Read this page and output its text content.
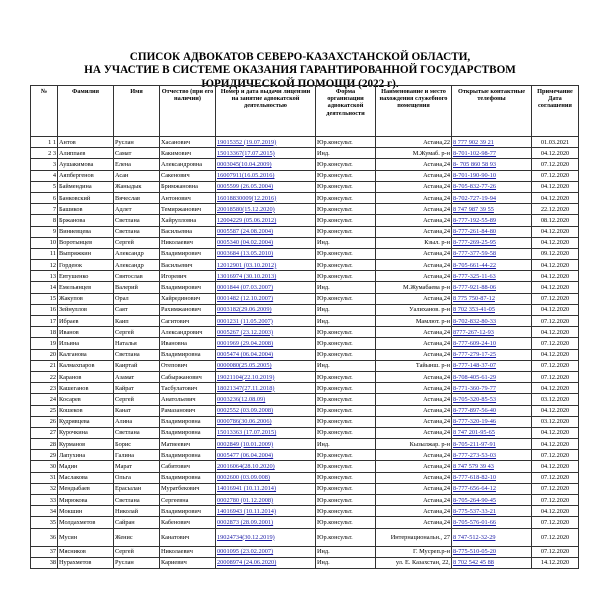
СПИСОК АДВОКАТОВ СЕВЕРО-КАЗАХСТАНСКОЙ ОБЛАСТИ,
НА УЧАСТИЕ В СИСТЕМЕ ОКАЗАНИЯ ГАРАНТИРОВАННОЙ ГОСУДАРСТВОМ
ЮРИДИЧЕСКОЙ ПОМОЩИ (2022 г).
№	Фамилия	Имя	Отчество (при его наличии)	Номер и дата выдачи лицензии на занятие адвокатской деятельностью	Форма организации адвокатской деятельности	Наименование и место нахождения служебного помещения	Открытые контактные телефоны	Примечание Дата соглашения
1 1	Антов	Руслан	Хасанович	19015352 (19.07.2019)	Юр.консульт.	Астана,22	8 777 902 39 21	01.03.2021
2 3	Алиппаев	Самат	Какимович	15013367(17.07.2015)	Инд.	М.Жумаб. р-н	8-701-102-98-77	04.12.2020
3	Аушакимова	Елена	Александровна	0003045(10.04.2009)	Юр.консульт.	Астана,24	8- 705 860 58 93	07.12.2020
4	Аяпбергенов	Асан	Сакенович	16007911(16.05.2016)	Юр.консульт.	Астана,24	8-701-190-90-10	07.12.2020
5	Баймендина	Жаныдык	Бримжановна	0005599 (26.05.2004)	Юр.консульт.	Астана,24	8-705-832-77-26	04.12.2020
6	Банковский	Вячеслав	Антонович	16018830009(12.2016)	Юр.консульт.	Астана,24	8-702-727-19-94	04.12.2020
7	Башиков	Адлет	Темиржанович	20018580(15.12.2020)	Юр.консульт.	Астана,24	8 747 987 39 55	22.12.2020
8	Бржанова	Светлана	Хайрулловна	12004229 (05.06.2012)	Юр.консульт.	Астана,24	8-777-192-55-89	08.12.2020
9	Виниевцева	Светлана	Васильевна	0005587 (24.08.2004)	Юр.консульт.	Астана,24	8-777-261-84-80	04.12.2020
10	Воротынцев	Сергей	Николаевич	0005340 (04.02.2004)	Инд.	Кзыл. р-н	8-777-269-25-95	04.12.2020
11	Выпряжкин	Александр	Владимирович	0003684 (13.05.2010)	Юр.консульт.	Астана,24	8-777-377-59-58	09.12.2020
12	Гордеюк	Александр	Васильевич	12012901 (03.10.2012)	Юр.консульт.	Астана,24	8-705-661-44-22	04.12.2020
13	Евтушенко	Святослав	Игоревич	13016974 (30.10.2013)	Юр.консульт.	Астана,24	8-777-325-11-63	04.12.2020
14	Емельянцев	Валерий	Владимирович	0001844 (07.03.2007)	Инд.	М.Жумабаева р-н	8-777-921-88-06	04.12.2020
15	Жакупов	Орал	Хайрединович	0001482 (12.10.2007)	Юр.консульт.	Астана,24	8 775 750-87-12	07.12.2020
16	Зейнуллов	Саят	Рахимжанович	0003182(29.06.2009)	Инд.	Уалиханов. р-н	8 702 353-41-05	04.12.2020
17	Ибраев	Каип	Сагитович	0001231 (11.05.2007)	Инд.	Мамлют. р-н	8-702-832-80-33	07.12.2020
18	Иванов	Сергей	Александрович	0005267 (23.12.2003)	Юр.консульт.	Астана,24	8777-267-12-93	04.12.2020
19	Ильина	Наталья	Ивановна	0001969 (29.04.2008)	Юр.консульт.	Астана,24	8-777-609-24-10	07.12.2020
20	Калганова	Светлана	Владимировна	0005474 (06.04.2004)	Юр.консульт.	Астана,24	8-777-279-17-25	04.12.2020
21	Калмахпаров	Каиртай	Отепович	0000080(25.05.2005)	Инд.	Тайынш. р-н	8-777-148-37-07	07.12.2020
22	Каранов	Азамат	Сабыржанович	19021104(22.10.2019)	Юр.консульт.	Астана,24	8-708-405-61-29	07.12.2020
23	Кашеганов	Кайрат	Тасбулатович	18021347(27.11.2018)	Юр.консульт.	Астана,24	8-771-360-79-77	04.12.2020
24	Косарев	Сергей	Анатольевич	0003236(12.08.09)	Юр.консульт.	Астана,24	8-705-320-85-53	03.12.2020
25	Кошеков	Канат	Рамазанович	0002552 (03.09.2008)	Юр.консульт.	Астана,24	8-777-897-56-40	04.12.2020
26	Кудрявцева	Алина	Владимировна	0000786(30.06.2006)	Юр.консульт.	Астана,24	8-777-320-19-46	03.12.2020
27	Курочкина	Светлана	Владимировна	15013363 (17.07.2015)	Юр.консульт.	Астана,24	8 747 201-95-65	04.12.2020
28	Курманов	Борис	Матвеевич	0002849 (10.01.2009)	Инд.	Кызылжар. р-н	8-705-211-97-91	04.12.2020
29	Лапухина	Галина	Владимировна	0005477 (06.04.2004)	Юр.консульт.	Астана,24	8-777-273-53-03	07.12.2020
30	Мадин	Марат	Сабитович	20016064(28.10.2020)	Юр.консульт.	Астана,24	8 747 579 39 43	04.12.2020
31	Маслакова	Ольга	Владимировна	0002600 (03.09.008)	Юр.консульт.	Астана,24	8-777-618-82-10	07.12.2020
32	Мендыбаев	Ерасылан	Муратбекович	14016941 (10.11.2014)	Юр.консульт.	Астана,24	8-777-656-64-12	07.12.2020
33	Мирюкова	Светлана	Сергеевна	0002780 (01.12.2008)	Юр.консульт.	Астана,24	8-705-264-90-45	07.12.2020
34	Мокшин	Николай	Владимирович	14016943 (10.11.2014)	Юр.консульт.	Астана,24	8-775-537-33-21	04.12.2020
35	Молдахметов	Сайран	Кабенович	0002873 (28.09.2001)	Юр.консульт.	Астана,24	8-705-576-01-66	07.12.2020
36	Мусин	Женис	Канатович	19024734(30.12.2019)	Юр.консульт.	Интернациональн., 27	8 747-512-32-29	07.12.2020
37	Мясников	Сергей	Николаевич	0001095 (23.02.2007)	Инд.	Г. Мусреп.р-н	8-775-510-05-20	07.12.2020
38	Нурахметов	Руслан	Кариевич	20008974 (24.06.2020)	Инд.	ул. Е. Казахстан, 22,	8 702 542 45 88	14.12.2020
